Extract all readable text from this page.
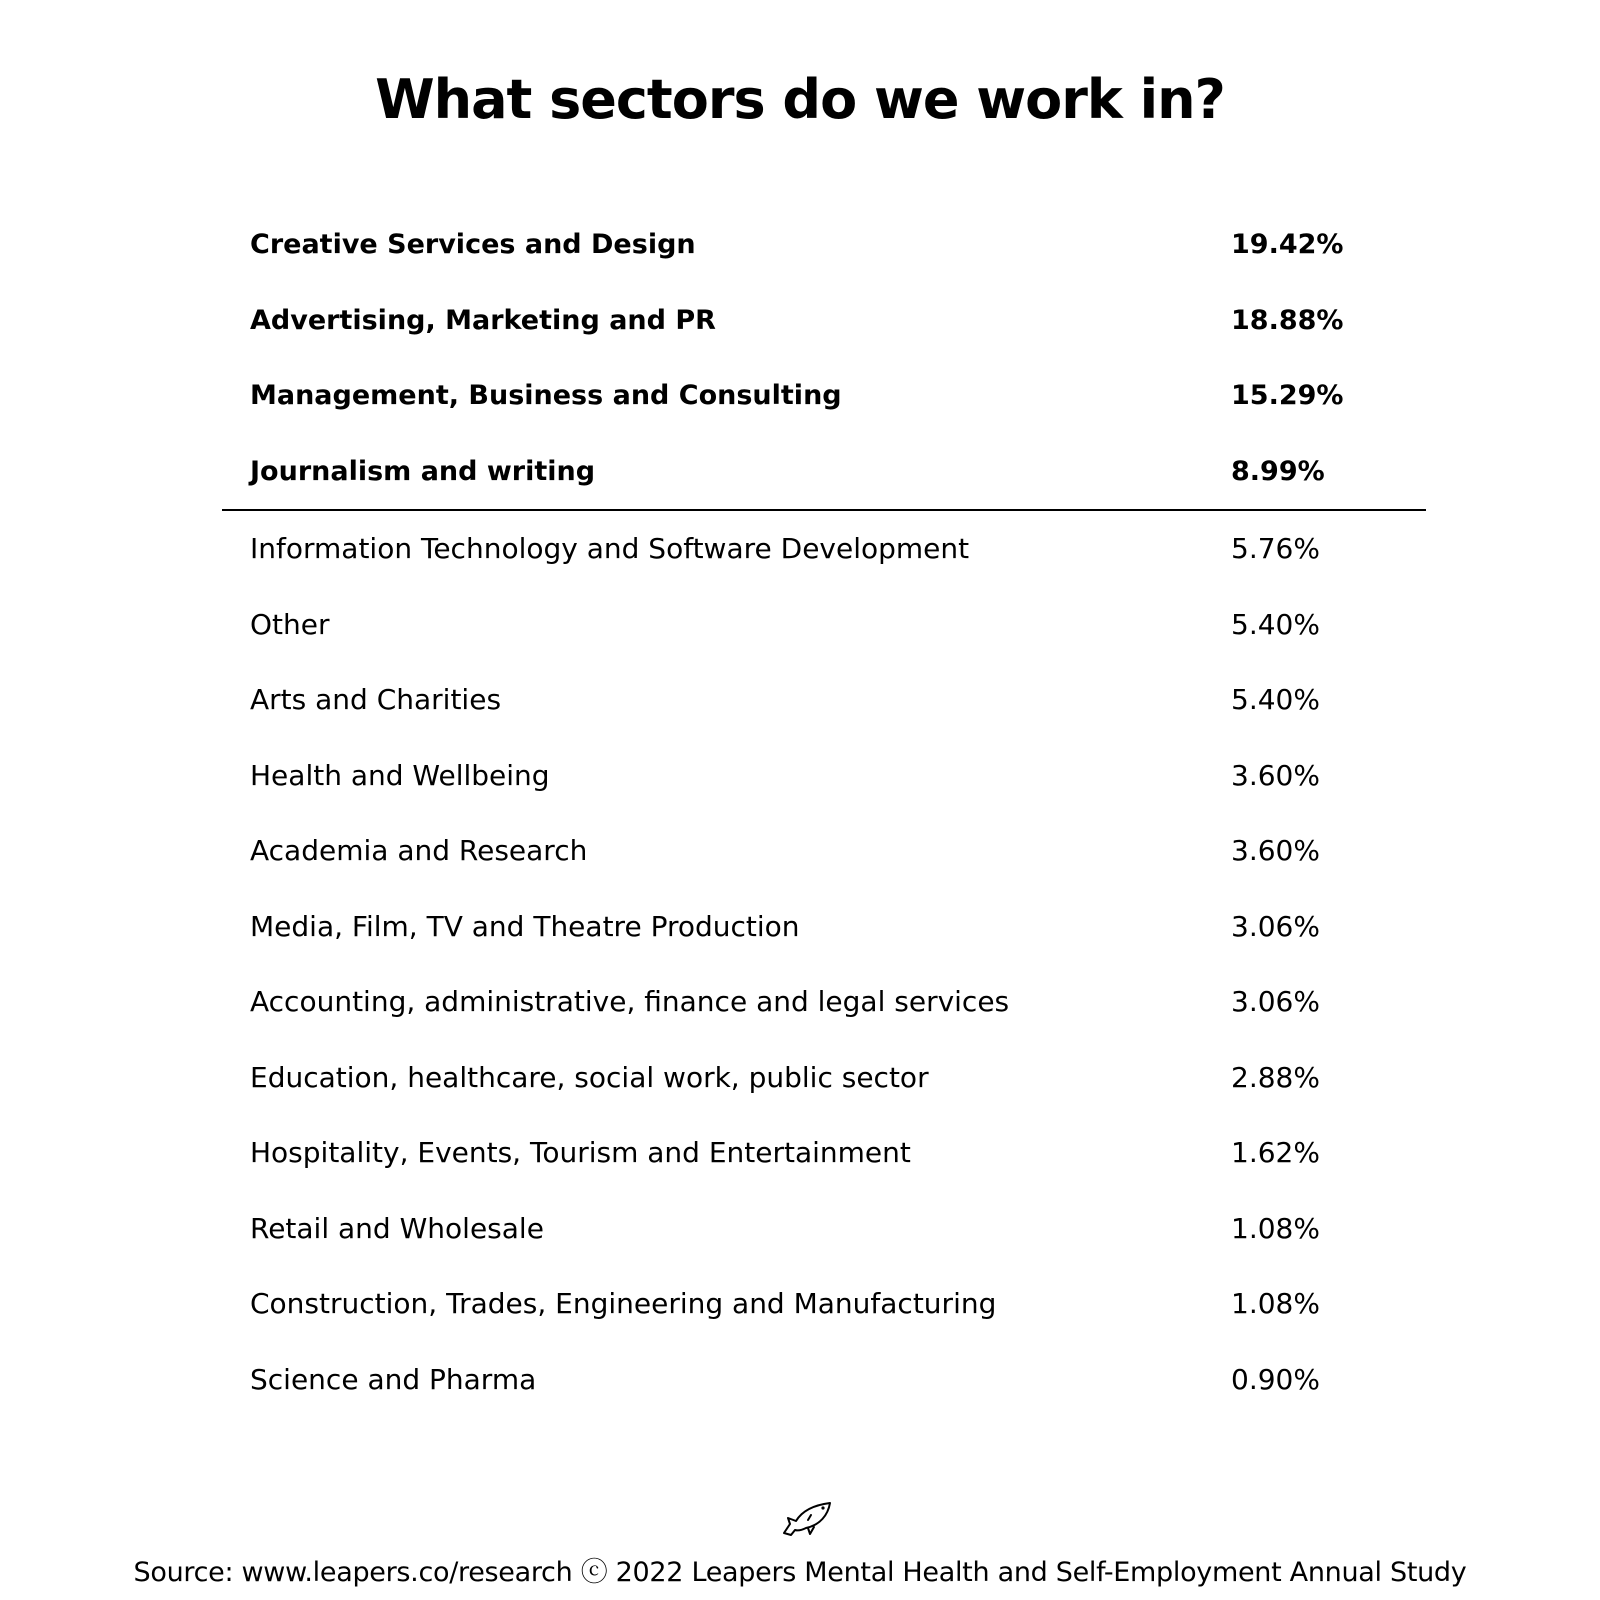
What sectors do we work in?
Creative Services and Design	19.42%
Advertising, Marketing and PR	18.88%
Management, Business and Consulting	15.29%
Journalism and writing	8.99%
Information Technology and Software Development	5.76%
Other	5.40%
Arts and Charities	5.40%
Health and Wellbeing	3.60%
Academia and Research	3.60%
Media, Film, TV and Theatre Production	3.06%
Accounting, administrative, finance and legal services	3.06%
Education, healthcare, social work, public sector	2.88%
Hospitality, Events, Tourism and Entertainment	1.62%
Retail and Wholesale	1.08%
Construction, Trades, Engineering and Manufacturing	1.08%
Science and Pharma	0.90%
Source: www.leapers.co/research ⓒ 2022 Leapers Mental Health and Self-Employment Annual Study
